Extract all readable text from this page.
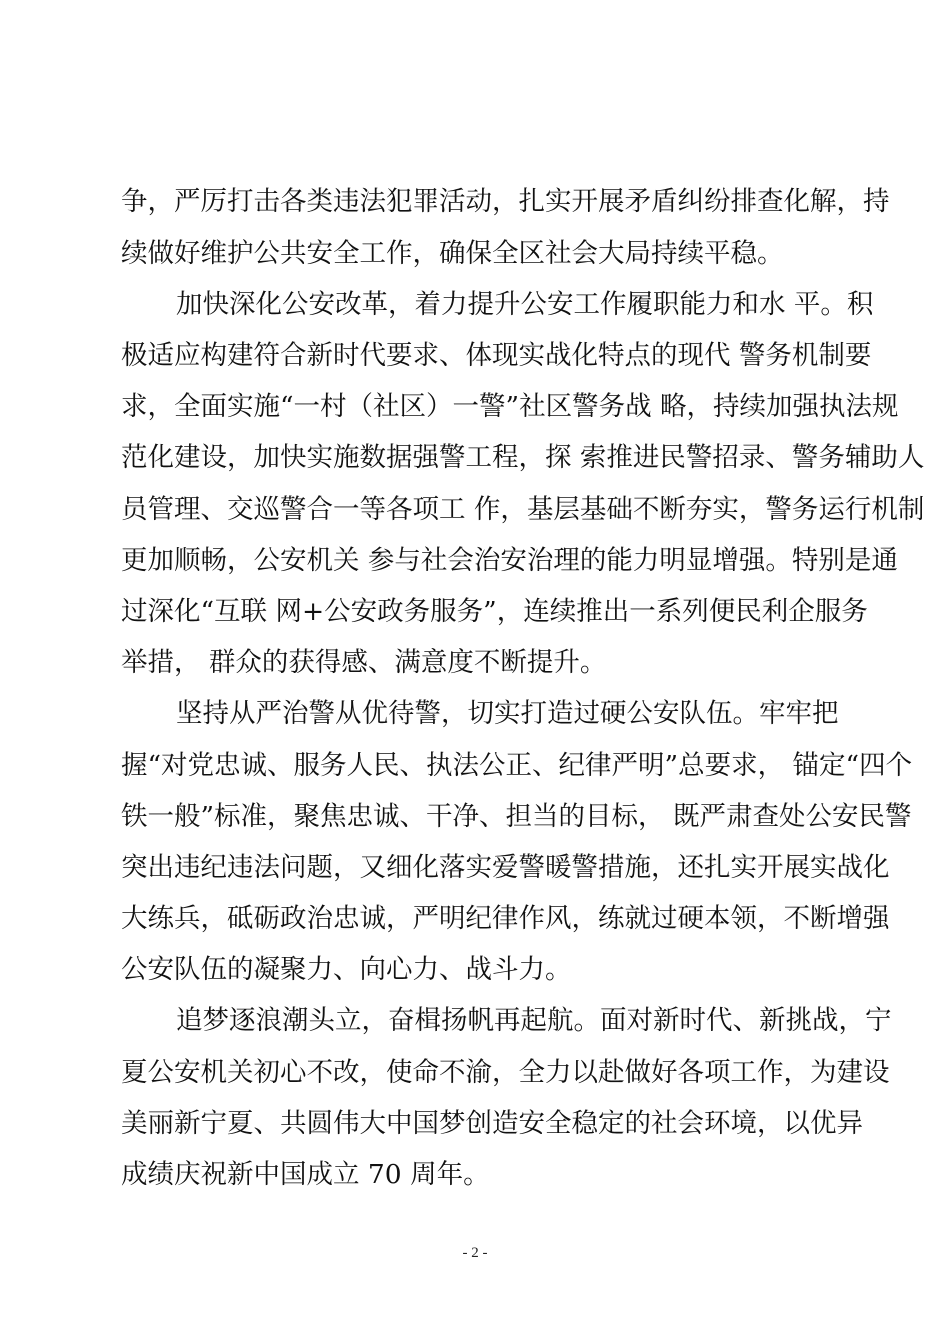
争，严厉打击各类违法犯罪活动，扎实开展矛盾纠纷排查化解，持
续做好维护公共安全工作，确保全区社会大局持续平稳。
加快深化公安改革，着力提升公安工作履职能力和水 平。积
极适应构建符合新时代要求、体现实战化特点的现代 警务机制要
求，全面实施“一村（社区）一警”社区警务战 略，持续加强执法规
范化建设，加快实施数据强警工程，探 索推进民警招录、警务辅助人
员管理、交巡警合一等各项工 作，基层基础不断夯实，警务运行机制
更加顺畅，公安机关 参与社会治安治理的能力明显增强。特别是通
过深化“互联 网+公安政务服务”，连续推出一系列便民利企服务
举措， 群众的获得感、满意度不断提升。
坚持从严治警从优待警，切实打造过硬公安队伍。牢牢把
握“对党忠诚、服务人民、执法公正、纪律严明”总要求， 锚定“四个
铁一般”标准，聚焦忠诚、干净、担当的目标， 既严肃查处公安民警
突出违纪违法问题，又细化落实爱警暖警措施，还扎实开展实战化
大练兵，砥砺政治忠诚，严明纪律作风，练就过硬本领，不断增强
公安队伍的凝聚力、向心力、战斗力。
追梦逐浪潮头立，奋楫扬帆再起航。面对新时代、新挑战，宁
夏公安机关初心不改，使命不渝，全力以赴做好各项工作，为建设
美丽新宁夏、共圆伟大中国梦创造安全稳定的社会环境，以优异
成绩庆祝新中国成立 70 周年。
- 2 -
